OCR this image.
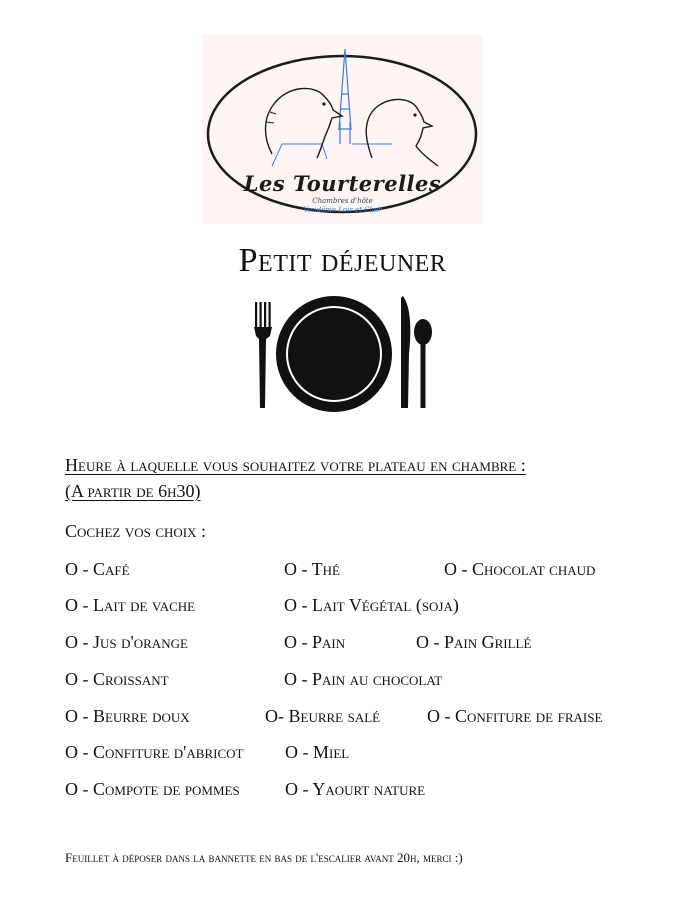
Les Tourterelles
Chambres d'hôte
Vendôme Loir et Cher
Petit déjeuner
Heure à laquelle vous souhaitez votre plateau en chambre :
(A partir de 6h30)
Cochez vos choix :
O - Café	O - Thé	O - Chocolat chaud
O - Lait de vache	O - Lait Végétal (soja)
O - Jus d'orange	O - Pain	O - Pain Grillé
O - Croissant	O - Pain au chocolat
O - Beurre doux	O- Beurre salé	O - Confiture de fraise
O - Confiture d'abricot O - Miel
O - Compote de pommes	O - Yaourt nature
Feuillet à déposer dans la bannette en bas de l'escalier avant 20h, merci :)
